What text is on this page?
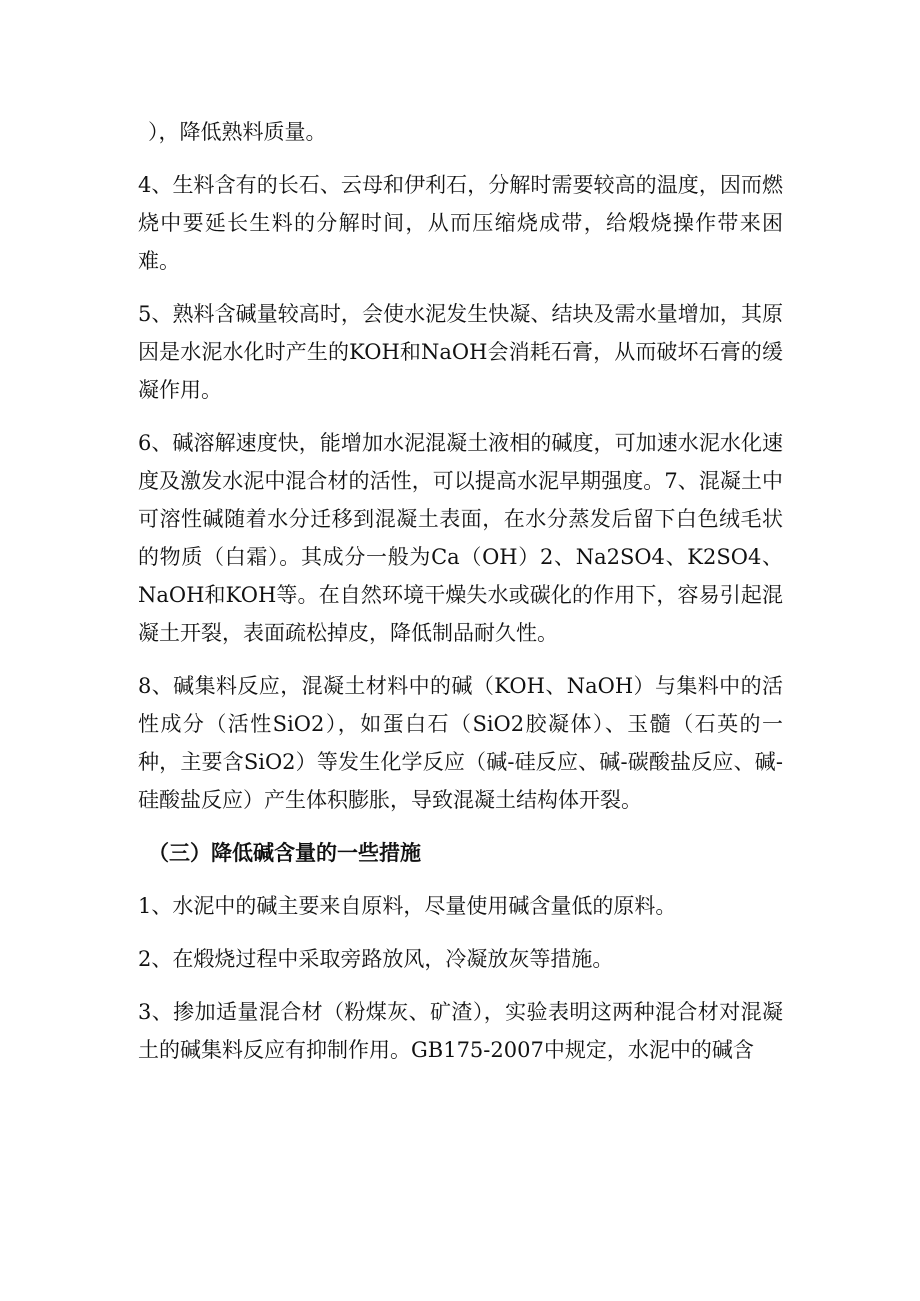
），降低熟料质量。

4、生料含有的长石、云母和伊利石，分解时需要较高的温度，因而燃烧中要延长生料的分解时间，从而压缩烧成带，给煅烧操作带来困难。

5、熟料含碱量较高时，会使水泥发生快凝、结块及需水量增加，其原因是水泥水化时产生的KOH和NaOH会消耗石膏，从而破坏石膏的缓凝作用。

6、碱溶解速度快，能增加水泥混凝土液相的碱度，可加速水泥水化速度及激发水泥中混合材的活性，可以提高水泥早期强度。7、混凝土中可溶性碱随着水分迁移到混凝土表面，在水分蒸发后留下白色绒毛状的物质（白霜）。其成分一般为Ca（OH）2、Na2SO4、K2SO4、NaOH和KOH等。在自然环境干燥失水或碳化的作用下，容易引起混凝土开裂，表面疏松掉皮，降低制品耐久性。

8、碱集料反应，混凝土材料中的碱（KOH、NaOH）与集料中的活性成分（活性SiO2），如蛋白石（SiO2胶凝体）、玉髓（石英的一种，主要含SiO2）等发生化学反应（碱-硅反应、碱-碳酸盐反应、碱-硅酸盐反应）产生体积膨胀，导致混凝土结构体开裂。

（三）降低碱含量的一些措施

1、水泥中的碱主要来自原料，尽量使用碱含量低的原料。

2、在煅烧过程中采取旁路放风，冷凝放灰等措施。

3、掺加适量混合材（粉煤灰、矿渣），实验表明这两种混合材对混凝土的碱集料反应有抑制作用。GB175-2007中规定，水泥中的碱含
